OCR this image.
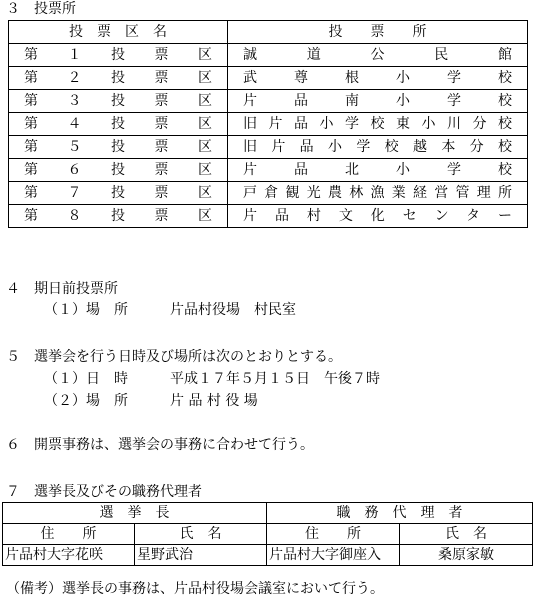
３　投票所
投　票　区　名	投　　票　　所
第１投票区	誠道公民館
第２投票区	武尊根小学校
第３投票区	片品南小学校
第４投票区	旧片品小学校東小川分校
第５投票区	旧片品小学校越本分校
第６投票区	片品北小学校
第７投票区	戸倉観光農林漁業経営管理所
第８投票区	片品村文化センター
４　期日前投票所
（１）場　所　　　片品村役場　村民室
５　選挙会を行う日時及び場所は次のとおりとする。
（１）日　時　　　平成１７年５月１５日　午後７時
（２）場　所　　　片 品 村 役 場
６　開票事務は、選挙会の事務に合わせて行う。
７　選挙長及びその職務代理者
選　挙　長		職　務　代　理　者	
住　　所	氏　名	住　　所	氏　名
片品村大字花咲	星野武治	片品村大字御座入	桑原家敏
（備考）選挙長の事務は、片品村役場会議室において行う。
